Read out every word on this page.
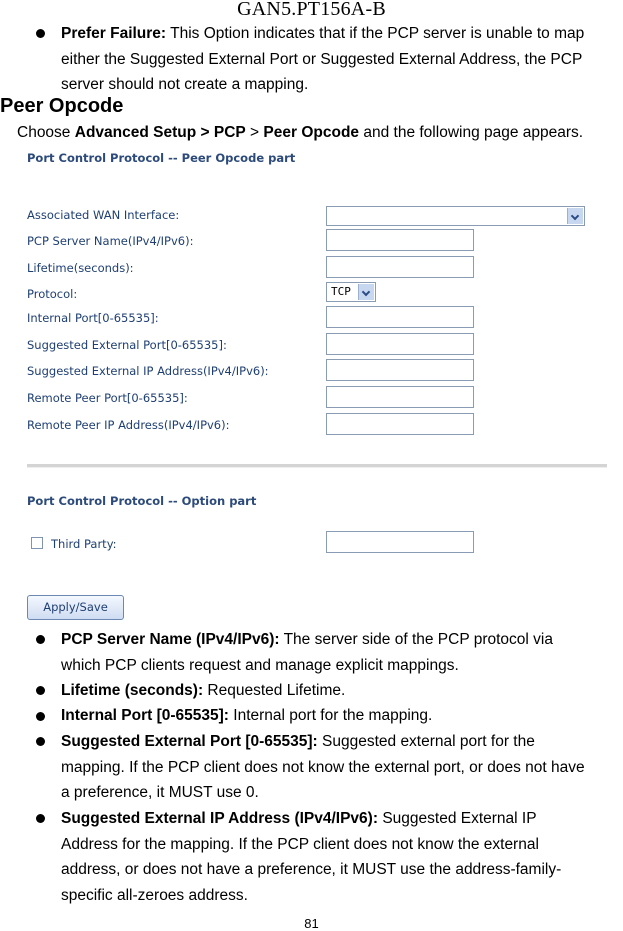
GAN5.PT156A-B
Prefer Failure: This Option indicates that if the PCP server is unable to map
either the Suggested External Port or Suggested External Address, the PCP
server should not create a mapping.
Peer Opcode
Choose Advanced Setup > PCP > Peer Opcode and the following page appears.
Port Control Protocol -- Peer Opcode part
Associated WAN Interface:
PCP Server Name(IPv4/IPv6):
Lifetime(seconds):
Protocol:	TCP
Internal Port[0-65535]:
Suggested External Port[0-65535]:
Suggested External IP Address(IPv4/IPv6):
Remote Peer Port[0-65535]:
Remote Peer IP Address(IPv4/IPv6):
Port Control Protocol -- Option part
Third Party:
Apply/Save
PCP Server Name (IPv4/IPv6): The server side of the PCP protocol via
which PCP clients request and manage explicit mappings.
Lifetime (seconds): Requested Lifetime.
Internal Port [0-65535]: Internal port for the mapping.
Suggested External Port [0-65535]: Suggested external port for the
mapping. If the PCP client does not know the external port, or does not have
a preference, it MUST use 0.
Suggested External IP Address (IPv4/IPv6): Suggested External IP
Address for the mapping. If the PCP client does not know the external
address, or does not have a preference, it MUST use the address-family-
specific all-zeroes address.
81
